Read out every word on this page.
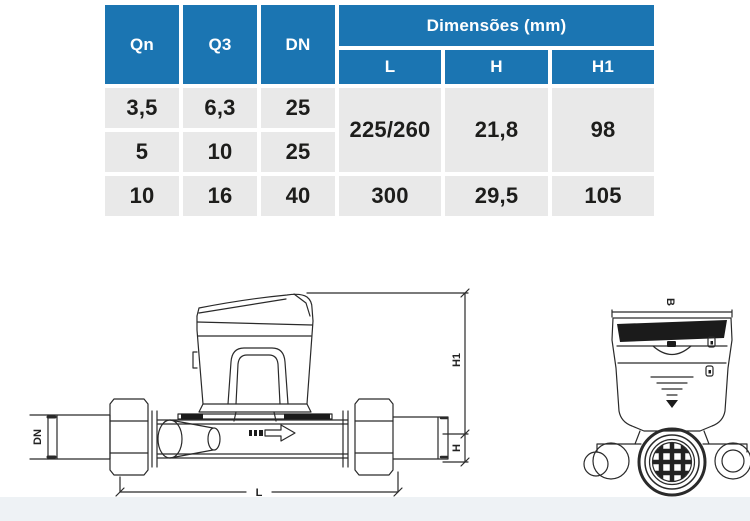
Qn	Q3	DN	Dimensões (mm)		
			L	H	H1
3,5	6,3	25	225/260	21,8	98
5	10	25			
10	16	40	300	29,5	105
DN
L
H1
H
B
